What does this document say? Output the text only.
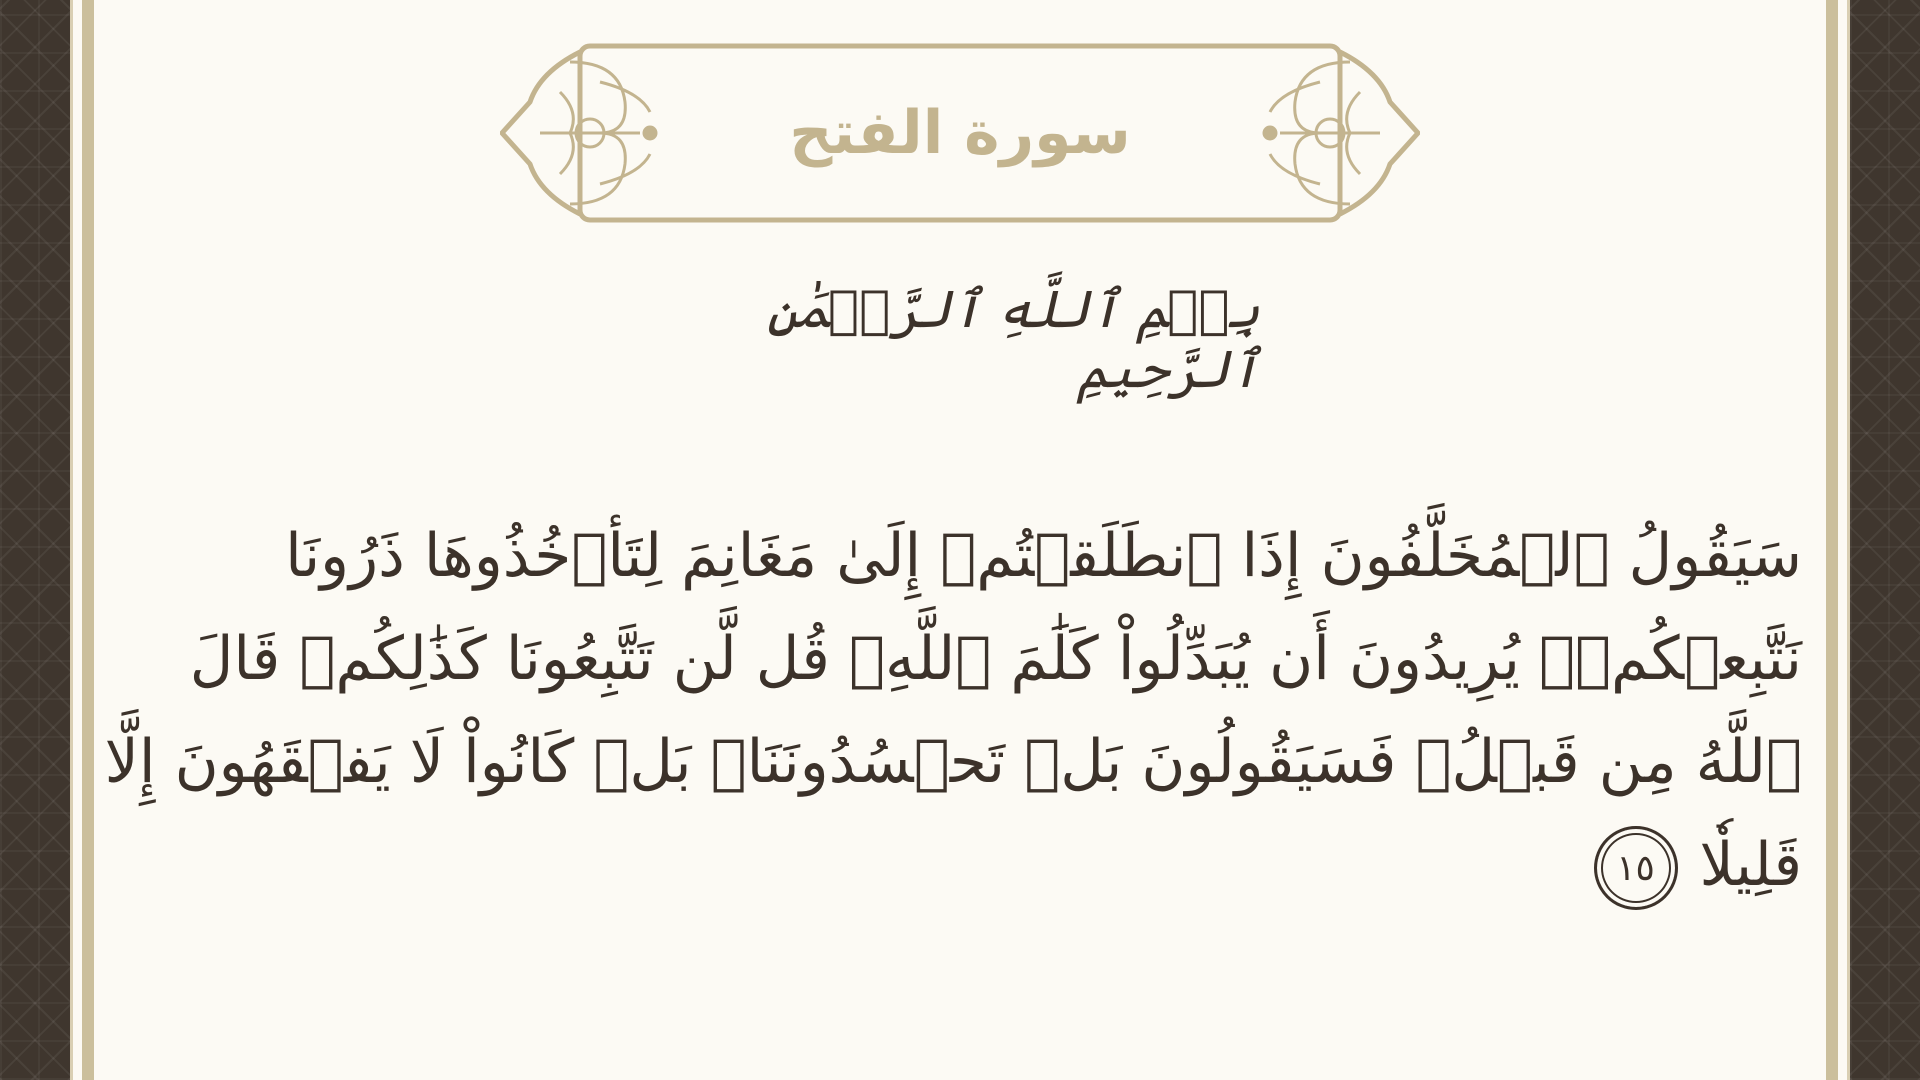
سورة الفتح
بِسۡمِ ٱللَّهِ ٱلرَّحۡمَٰنِ ٱلرَّحِيمِ
سَيَقُولُ ٱلۡمُخَلَّفُونَ إِذَا ٱنطَلَقۡتُمۡ إِلَىٰ مَغَانِمَ لِتَأۡخُذُوهَا ذَرُونَا
نَتَّبِعۡكُمۡۖ يُرِيدُونَ أَن يُبَدِّلُواْ كَلَٰمَ ٱللَّهِۚ قُل لَّن تَتَّبِعُونَا كَذَٰلِكُمۡ قَالَ
ٱللَّهُ مِن قَبۡلُۖ فَسَيَقُولُونَ بَلۡ تَحۡسُدُونَنَاۚ بَلۡ كَانُواْ لَا يَفۡقَهُونَ إِلَّا
قَلِيلٗا١٥
